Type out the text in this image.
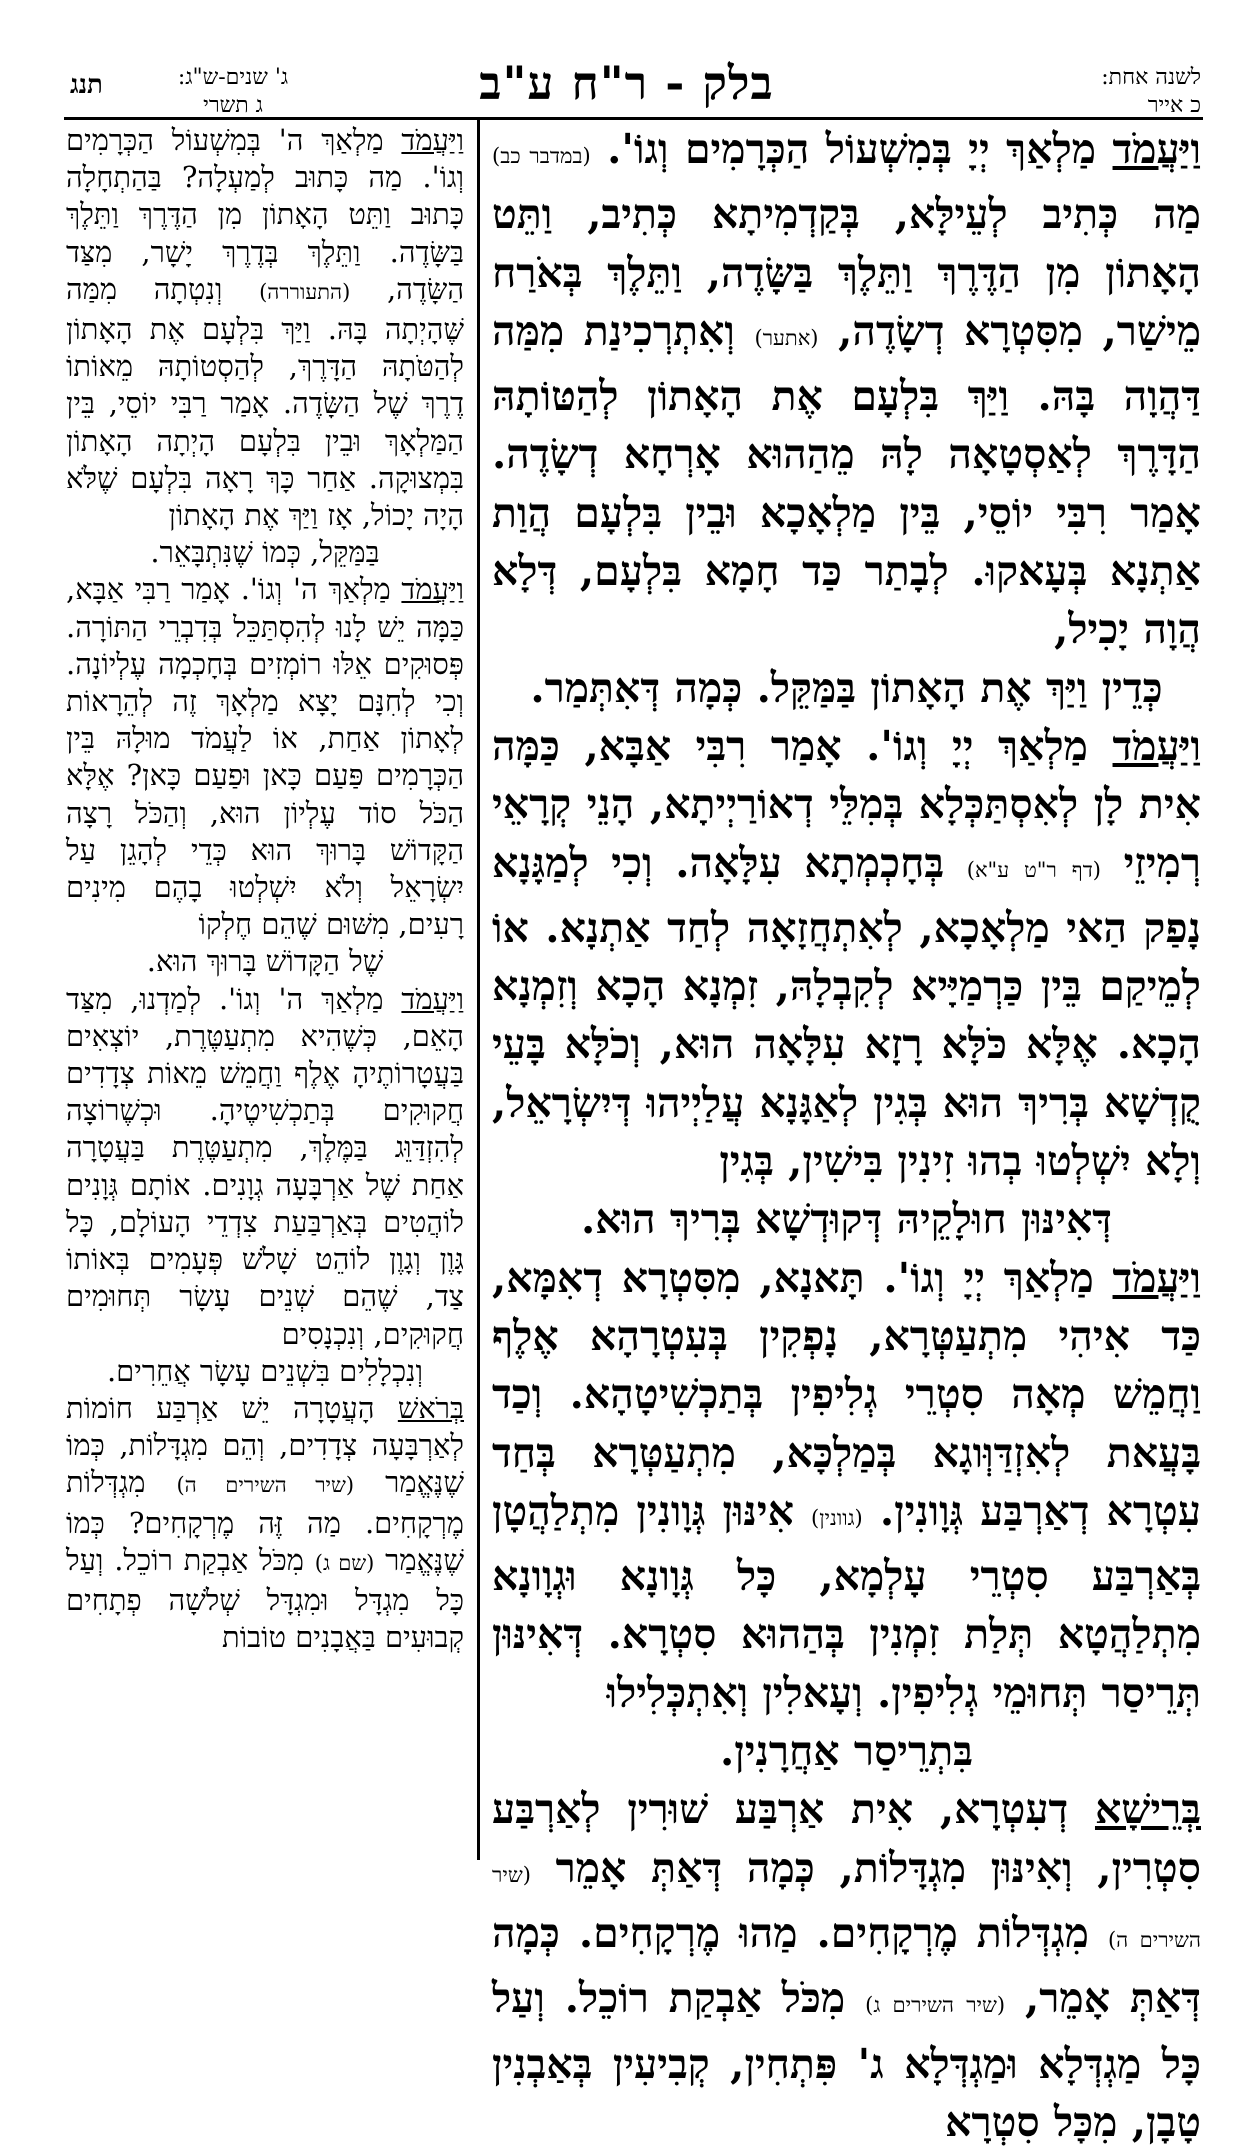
לשנה אחת:
כ אייר
בלק - ר"ח ע"ב
ג' שנים-ש"ג:
ג תשרי
תנג

וַיַּעֲמֹד מַלְאַךְ יְיָ בְּמִשְׁעוֹל הַכְּרָמִים וְגוֹ'. (במדבר כב) מַה כְּתִיב לְעֵילָּא, בְּקַדְמִיתָא כְּתִיב, וַתֵּט הָאָתוֹן מִן הַדֶּרֶךְ וַתֵּלֶךְ בַּשָּׂדֶה, וַתֵּלֶךְ בְּאֹרַח מֵישַׁר, מִסִּטְרָא דְשָׂדֶה, (אתער) וְאִתְרְכִינַת מִמַּה דַּהֲוָה בָּהּ. וַיַּךְ בִּלְעָם אֶת הָאָתוֹן לְהַטּוֹתָהּ הַדָּרֶךְ לְאַסְטָאָה לָהּ מֵהַהוּא אָרְחָא דְשָׂדֶה. אָמַר רִבִּי יוֹסֵי, בֵּין מַלְאָכָא וּבֵין בִּלְעָם הֲוַת אַתְנָא בְּעָאקוּ. לְבָתַר כַּד חָמָא בִּלְעָם, דְּלָא הֲוָה יָכִיל,

כְּדֵין וַיַּךְ אֶת הָאָתוֹן בַּמַּקֵּל. כְּמָה דְּאִתְּמַר.

וַיַּעֲמֹד מַלְאַךְ יְיָ וְגוֹ'. אָמַר רִבִּי אַבָּא, כַּמָּה אִית לָן לְאִסְתַּכְּלָא בְּמִלֵּי דְאוֹרַיְיתָא, הָנֵי קְרָאֵי רְמִיזֵי (דף ר"ט ע"א) בְּחָכְמְתָא עִלָּאָה. וְכִי לְמַגָּנָא נָפַק הַאי מַלְאָכָא, לְאִתְחֲזָאָה לְחַד אַתְנָא. אוֹ לְמֵיקַם בֵּין כַּרְמַיָּיא לְקִבְלָהּ, זִמְנָא הָכָא וְזִמְנָא הָכָא. אֶלָּא כֹּלָּא רָזָא עִלָּאָה הוּא, וְכֹלָּא בָּעֵי קֻדְשָׁא בְּרִיךְ הוּא בְּגִין לְאַגָּנָא עֲלַיְיהוּ דְּיִשְׂרָאֵל, וְלָא יִשְׁלְטוּ בְהוּ זִינִין בִּישִׁין, בְּגִין

דְּאִינּוּן חוּלָקֵיהּ דְּקוּדְשָׁא בְּרִיךְ הוּא.

וַיַּעֲמֹד מַלְאַךְ יְיָ וְגוֹ'. תָּאנָא, מִסִּטְרָא דְאִמָּא, כַּד אִיהִי מִתְעַטְּרָא, נָפְקִין בְּעִטְרָהָא אֶלֶף וַחֲמֵשׁ מְאָה סִטְרֵי גְלִיפִין בְּתַכְשִׁיטָהָא. וְכַד בָּעֲאת לְאִזְדַּוְּוגָא בְּמַלְכָּא, מִתְעַטְּרָא בְּחַד עִטְרָא דְאַרְבַּע גְּוָונִין. (גוונין) אִינּוּן גְּוָונִין מִתְלַהֲטָן בְּאַרְבַּע סִטְרֵי עָלְמָא, כָּל גְּוָונָא וּגְוָונָא מִתְלַהֲטָא תְּלַת זִמְנִין בְּהַהוּא סִטְרָא. דְּאִינּוּן תְּרֵיסַר תְּחוּמֵי גְלִיפִין. וְעָאלִין וְאִתְכְּלִילוּ

בִּתְרֵיסַר אַחֲרָנִין.

בְּרֵישָׁא דְעִטְרָא, אִית אַרְבַּע שׁוּרִין לְאַרְבַּע סִטְרִין, וְאִינּוּן מִגְדָּלוֹת, כְּמָה דְּאַתְּ אָמֵר (שיר השירים ה) מִגְדְּלוֹת מֶרְקָחִים. מַהוּ מֶרְקָחִים. כְּמָה דְּאַתְּ אָמֵר, (שיר השירים ג) מִכֹּל אַבְקַת רוֹכֵל. וְעַל כָּל מַגְדְּלָא וּמַגְדְּלָא ג' פִּתְחִין, קְבִיעִין בְּאַבְנִין טָבָן, מִכָּל סִטְרָא

וַיַּעֲמֹד מַלְאַךְ ה' בְּמִשְׁעוֹל הַכְּרָמִים וְגוֹ'. מַה כָּתוּב לְמַעְלָה? בַּהַתְחָלָה כָּתוּב וַתֵּט הָאָתוֹן מִן הַדֶּרֶךְ וַתֵּלֶךְ בַּשָּׂדֶה. וַתֵּלֶךְ בְּדֶרֶךְ יָשָׁר, מִצַּד הַשָּׂדֶה, (התעוררה) וְנִטְתָה מִמַּה שֶּׁהָיְתָה בָּהּ. וַיַּךְ בִּלְעָם אֶת הָאָתוֹן לְהַטֹּתָהּ הַדָּרֶךְ, לְהַסְטוֹתָהּ מֵאוֹתוֹ דֶרֶךְ שֶׁל הַשָּׂדֶה. אָמַר רַבִּי יוֹסֵי, בֵּין הַמַּלְאָךְ וּבֵין בִּלְעָם הָיְתָה הָאָתוֹן בִּמְצוּקָה. אַחַר כָּךְ רָאָה בִּלְעָם שֶׁלֹּא הָיָה יָכוֹל, אָז וַיַּךְ אֶת הָאָתוֹן

בַּמַּקֵּל, כְּמוֹ שֶׁנִּתְבָּאֵר.

וַיַּעֲמֹד מַלְאַךְ ה' וְגוֹ'. אָמַר רַבִּי אַבָּא, כַּמָּה יֵשׁ לָנוּ לְהִסְתַּכֵּל בְּדִבְרֵי הַתּוֹרָה. פְּסוּקִים אֵלּוּ רוֹמְזִים בְּחָכְמָה עֶלְיוֹנָה. וְכִי לְחִנָּם יָצָא מַלְאָךְ זֶה לְהֵרָאוֹת לְאָתוֹן אַחַת, אוֹ לַעֲמֹד מוּלָהּ בֵּין הַכְּרָמִים פַּעַם כָּאן וּפַעַם כָּאן? אֶלָּא הַכֹּל סוֹד עֶלְיוֹן הוּא, וְהַכֹּל רָצָה הַקָּדוֹשׁ בָּרוּךְ הוּא כְּדֵי לְהָגֵן עַל יִשְׂרָאֵל וְלֹא יִשְׁלְטוּ בָהֶם מִינִים רָעִים, מִשּׁוּם שֶׁהֵם חֶלְקוֹ

שֶׁל הַקָּדוֹשׁ בָּרוּךְ הוּא.

וַיַּעֲמֹד מַלְאַךְ ה' וְגוֹ'. לְמַדְנוּ, מִצַּד הָאֵם, כְּשֶׁהִיא מִתְעַטֶּרֶת, יוֹצְאִים בַּעֲטָרוֹתֶיהָ אֶלֶף וַחֲמֵשׁ מֵאוֹת צְדָדִים חֲקוּקִים בְּתַכְשִׁיטֶיהָ. וּכְשֶׁרוֹצָה לְהִזְדַּוֵּג בַּמֶּלֶךְ, מִתְעַטֶּרֶת בַּעֲטָרָה אַחַת שֶׁל אַרְבָּעָה גְוָנִים. אוֹתָם גְּוָנִים לוֹהֲטִים בְּאַרְבַּעַת צִדְדֵי הָעוֹלָם, כָּל גָּוֶן וְגָוֶן לוֹהֵט שָׁלֹשׁ פְּעָמִים בְּאוֹתוֹ צַד, שֶׁהֵם שְׁנֵים עָשָׂר תְּחוּמִים חֲקוּקִים, וְנִכְנָסִים

וְנִכְלָלִים בִּשְׁנֵים עָשָׂר אֲחֵרִים.

בְּרֹאשׁ הָעֲטָרָה יֵשׁ אַרְבַּע חוֹמוֹת לְאַרְבָּעָה צְדָדִים, וְהֵם מִגְדָּלוֹת, כְּמוֹ שֶׁנֶּאֱמַר (שיר השירים ה) מִגְדְּלוֹת מֶרְקָחִים. מַה זֶּה מֶרְקָחִים? כְּמוֹ שֶׁנֶּאֱמַר (שם ג) מִכֹּל אַבְקַת רוֹכֵל. וְעַל כָּל מִגְדָּל וּמִגְדָּל שְׁלֹשָׁה פְתָחִים קְבוּעִים בַּאֲבָנִים טוֹבוֹת
